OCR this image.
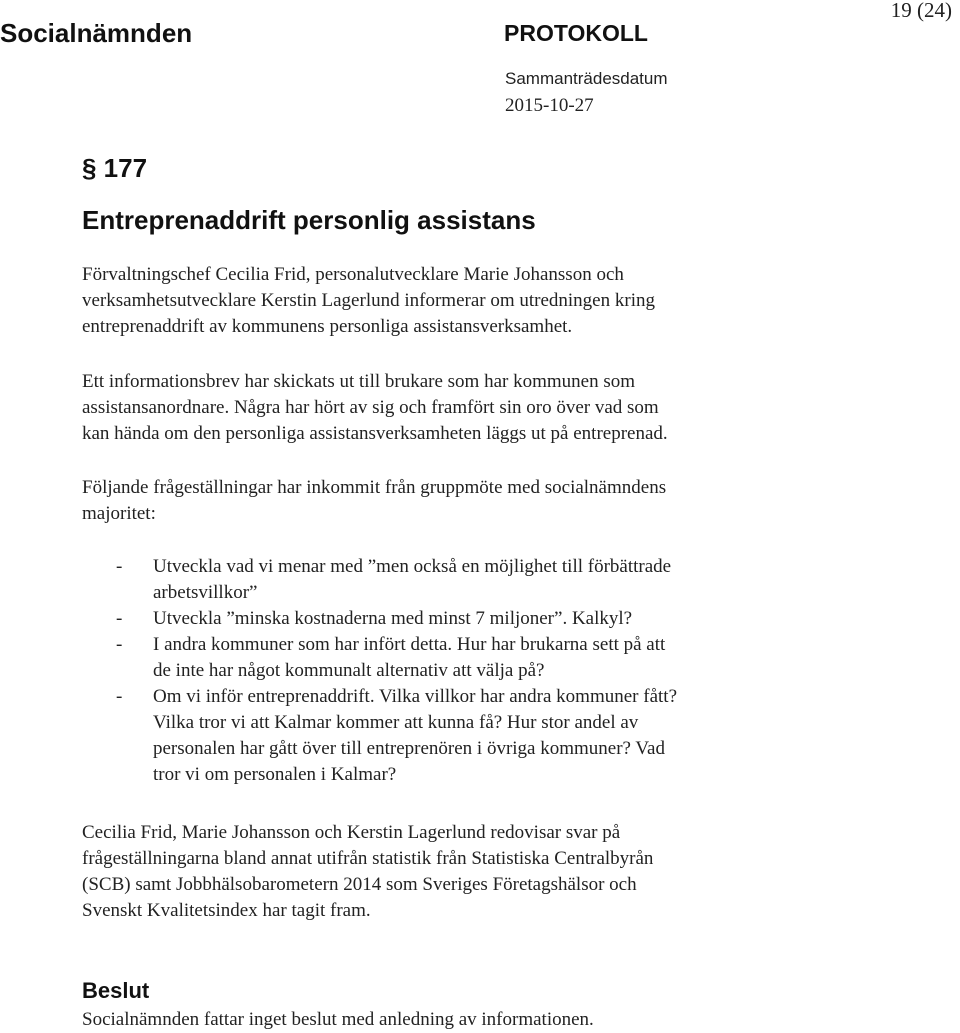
Socialnämnden	PROTOKOLL
19 (24)
Sammanträdesdatum
2015-10-27
§ 177
Entreprenaddrift personlig assistans

Förvaltningschef Cecilia Frid, personalutvecklare Marie Johansson och
verksamhetsutvecklare Kerstin Lagerlund informerar om utredningen kring
entreprenaddrift av kommunens personliga assistansverksamhet.

Ett informationsbrev har skickats ut till brukare som har kommunen som
assistansanordnare. Några har hört av sig och framfört sin oro över vad som
kan hända om den personliga assistansverksamheten läggs ut på entreprenad.

Följande frågeställningar har inkommit från gruppmöte med socialnämndens
majoritet:

- Utveckla vad vi menar med ”men också en möjlighet till förbättrade
arbetsvillkor”
- Utveckla ”minska kostnaderna med minst 7 miljoner”. Kalkyl?
- I andra kommuner som har infört detta. Hur har brukarna sett på att
de inte har något kommunalt alternativ att välja på?
- Om vi inför entreprenaddrift. Vilka villkor har andra kommuner fått?
Vilka tror vi att Kalmar kommer att kunna få? Hur stor andel av
personalen har gått över till entreprenören i övriga kommuner? Vad
tror vi om personalen i Kalmar?

Cecilia Frid, Marie Johansson och Kerstin Lagerlund redovisar svar på
frågeställningarna bland annat utifrån statistik från Statistiska Centralbyrån
(SCB) samt Jobbhälsobarometern 2014 som Sveriges Företagshälsor och
Svenskt Kvalitetsindex har tagit fram.

Beslut

Socialnämnden fattar inget beslut med anledning av informationen.
